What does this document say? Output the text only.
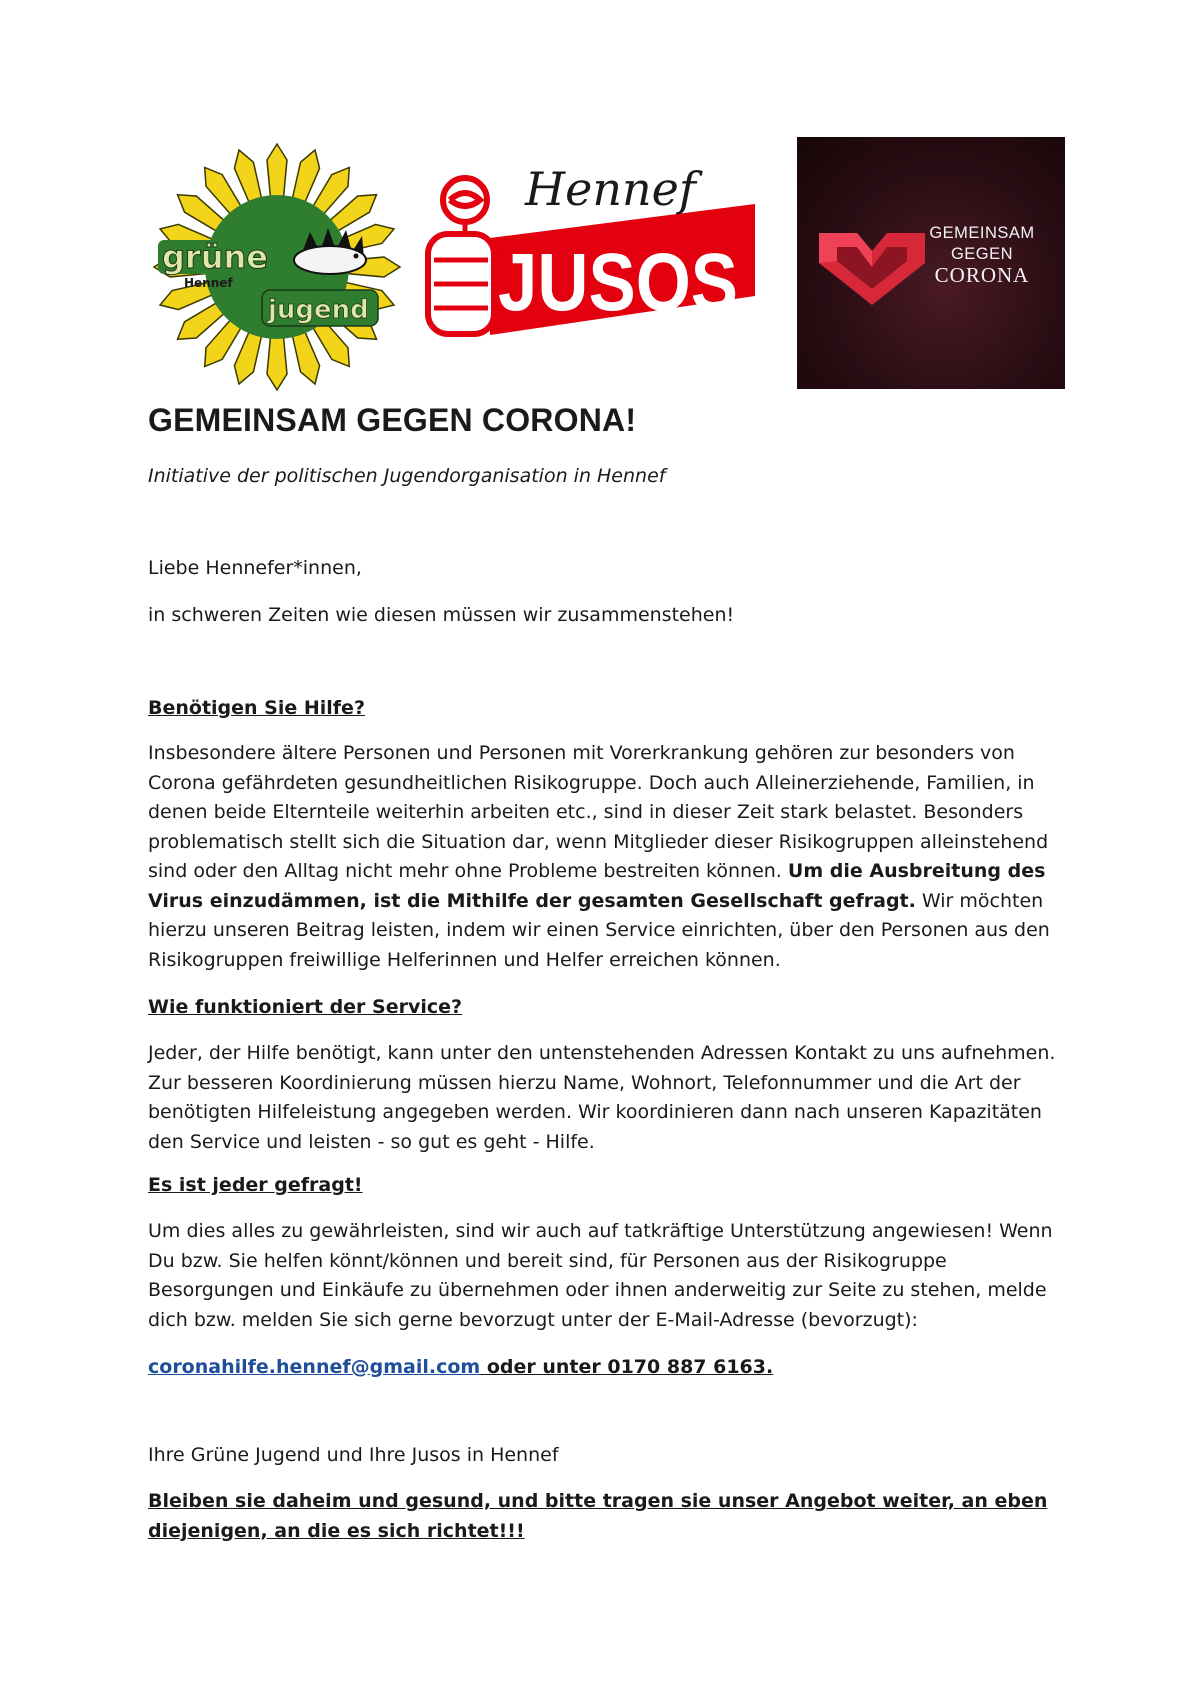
grüne
Hennef
jugend
Hennef
JUSOS
GEMEINSAM
GEGEN
CORONA
GEMEINSAM GEGEN CORONA!
Initiative der politischen Jugendorganisation in Hennef

Liebe Hennefer*innen,

in schweren Zeiten wie diesen müssen wir zusammenstehen!

Benötigen Sie Hilfe?

Insbesondere ältere Personen und Personen mit Vorerkrankung gehören zur besonders von Corona gefährdeten gesundheitlichen Risikogruppe. Doch auch Alleinerziehende, Familien, in denen beide Elternteile weiterhin arbeiten etc., sind in dieser Zeit stark belastet. Besonders problematisch stellt sich die Situation dar, wenn Mitglieder dieser Risikogruppen alleinstehend sind oder den Alltag nicht mehr ohne Probleme bestreiten können. Um die Ausbreitung des Virus einzudämmen, ist die Mithilfe der gesamten Gesellschaft gefragt. Wir möchten hierzu unseren Beitrag leisten, indem wir einen Service einrichten, über den Personen aus den Risikogruppen freiwillige Helferinnen und Helfer erreichen können.

Wie funktioniert der Service?

Jeder, der Hilfe benötigt, kann unter den untenstehenden Adressen Kontakt zu uns aufnehmen. Zur besseren Koordinierung müssen hierzu Name, Wohnort, Telefonnummer und die Art der benötigten Hilfeleistung angegeben werden. Wir koordinieren dann nach unseren Kapazitäten den Service und leisten - so gut es geht - Hilfe.

Es ist jeder gefragt!

Um dies alles zu gewährleisten, sind wir auch auf tatkräftige Unterstützung angewiesen! Wenn Du bzw. Sie helfen könnt/können und bereit sind, für Personen aus der Risikogruppe Besorgungen und Einkäufe zu übernehmen oder ihnen anderweitig zur Seite zu stehen, melde dich bzw. melden Sie sich gerne bevorzugt unter der E-Mail-Adresse (bevorzugt):

coronahilfe.hennef@gmail.com oder unter 0170 887 6163.

Ihre Grüne Jugend und Ihre Jusos in Hennef

Bleiben sie daheim und gesund, und bitte tragen sie unser Angebot weiter, an eben diejenigen, an die es sich richtet!!!
